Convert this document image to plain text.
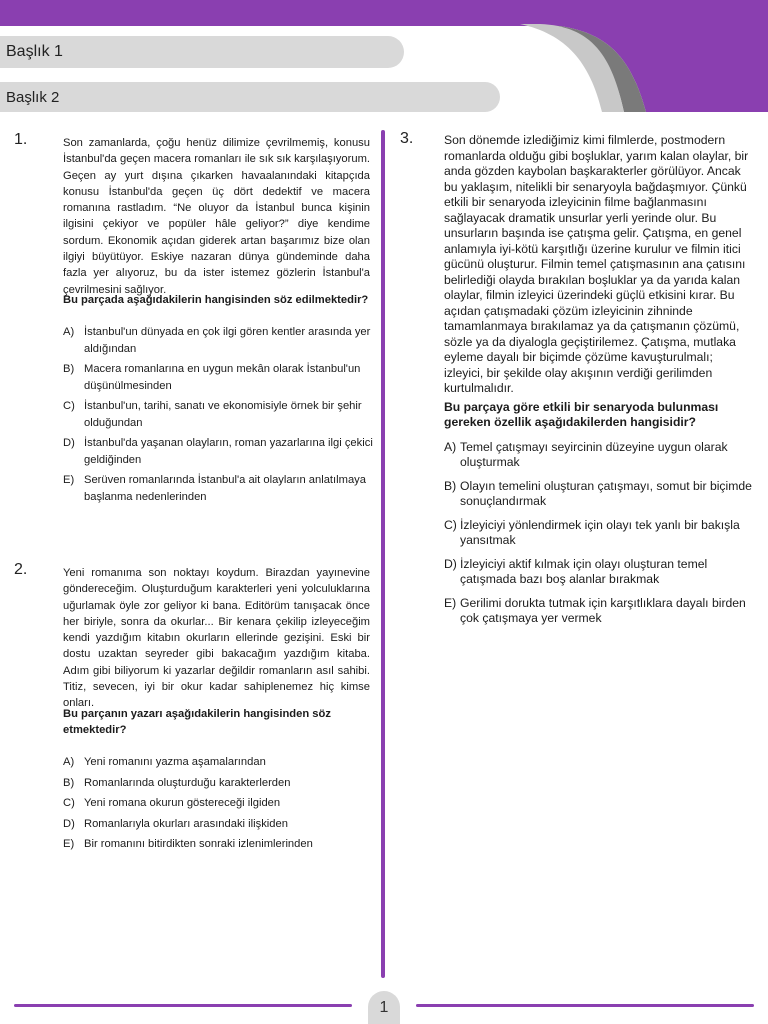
Başlık 1
Başlık 2
1.	Son zamanlarda, çoğu henüz dilimize çevrilmemiş, konusu İstanbul'da geçen macera romanları ile sık sık karşılaşıyorum. Geçen ay yurt dışına çıkarken havaalanındaki kitapçıda konusu İstanbul'da geçen üç dört dedektif ve macera romanına rastladım. “Ne oluyor da İstanbul bunca kişinin ilgisini çekiyor ve popüler hâle geliyor?” diye kendime sordum. Ekonomik açıdan giderek artan başarımız bize olan ilgiyi büyütüyor. Eskiye nazaran dünya gündeminde daha fazla yer alıyoruz, bu da ister istemez gözlerin İstanbul'a çevrilmesini sağlıyor.

Bu parçada aşağıdakilerin hangisinden söz edilmektedir?

A) İstanbul'un dünyada en çok ilgi gören kentler arasında yer aldığından
B) Macera romanlarına en uygun mekân olarak İstanbul'un düşünülmesinden
C) İstanbul'un, tarihi, sanatı ve ekonomisiyle örnek bir şehir olduğundan
D) İstanbul'da yaşanan olayların, roman yazarlarına ilgi çekici geldiğinden
E) Serüven romanlarında İstanbul'a ait olayların anlatılmaya başlanma nedenlerinden
2.	Yeni romanıma son noktayı koydum. Birazdan yayınevine göndereceğim. Oluşturduğum karakterleri yeni yolculuklarına uğurlamak öyle zor geliyor ki bana. Editörüm tanışacak önce her biriyle, sonra da okurlar... Bir kenara çekilip izleyeceğim kendi yazdığım kitabın okurların ellerinde gezişini. Eski bir dostu uzaktan seyreder gibi bakacağım yazdığım kitaba. Adım gibi biliyorum ki yazarlar değildir romanların asıl sahibi. Titiz, sevecen, iyi bir okur kadar sahiplenemez hiç kimse onları.

Bu parçanın yazarı aşağıdakilerin hangisinden söz etmektedir?

A) Yeni romanını yazma aşamalarından
B) Romanlarında oluşturduğu karakterlerden
C) Yeni romana okurun göstereceği ilgiden
D) Romanlarıyla okurları arasındaki ilişkiden
E) Bir romanını bitirdikten sonraki izlenimlerinden
3.	Son dönemde izlediğimiz kimi filmlerde, postmodern romanlarda olduğu gibi boşluklar, yarım kalan olaylar, bir anda gözden kaybolan başkarakterler görülüyor. Ancak bu yaklaşım, nitelikli bir senaryoyla bağdaşmıyor. Çünkü etkili bir senaryoda izleyicinin filme bağlanmasını sağlayacak dramatik unsurlar yerli yerinde olur. Bu unsurların başında ise çatışma gelir. Çatışma, en genel anlamıyla iyi-kötü karşıtlığı üzerine kurulur ve filmin itici gücünü oluşturur. Filmin temel çatışmasının ana çatısını belirlediği olayda bırakılan boşluklar ya da yarıda kalan olaylar, filmin izleyici üzerindeki güçlü etkisini kırar. Bu açıdan çatışmadaki çözüm izleyicinin zihninde tamamlanmaya bırakılamaz ya da çatışmanın çözümü, sözle ya da diyalogla geçiştirilemez. Çatışma, mutlaka eyleme dayalı bir biçimde çözüme kavuşturulmalı; izleyici, bir şekilde olay akışının verdiği gerilimden kurtulmalıdır.

Bu parçaya göre etkili bir senaryoda bulunması gereken özellik aşağıdakilerden hangisidir?

A) Temel çatışmayı seyircinin düzeyine uygun olarak oluşturmak
B) Olayın temelini oluşturan çatışmayı, somut bir biçimde sonuçlandırmak
C) İzleyiciyi yönlendirmek için olayı tek yanlı bir bakışla yansıtmak
D) İzleyiciyi aktif kılmak için olayı oluşturan temel çatışmada bazı boş alanlar bırakmak
E) Gerilimi dorukta tutmak için karşıtlıklara dayalı birden çok çatışmaya yer vermek
1
